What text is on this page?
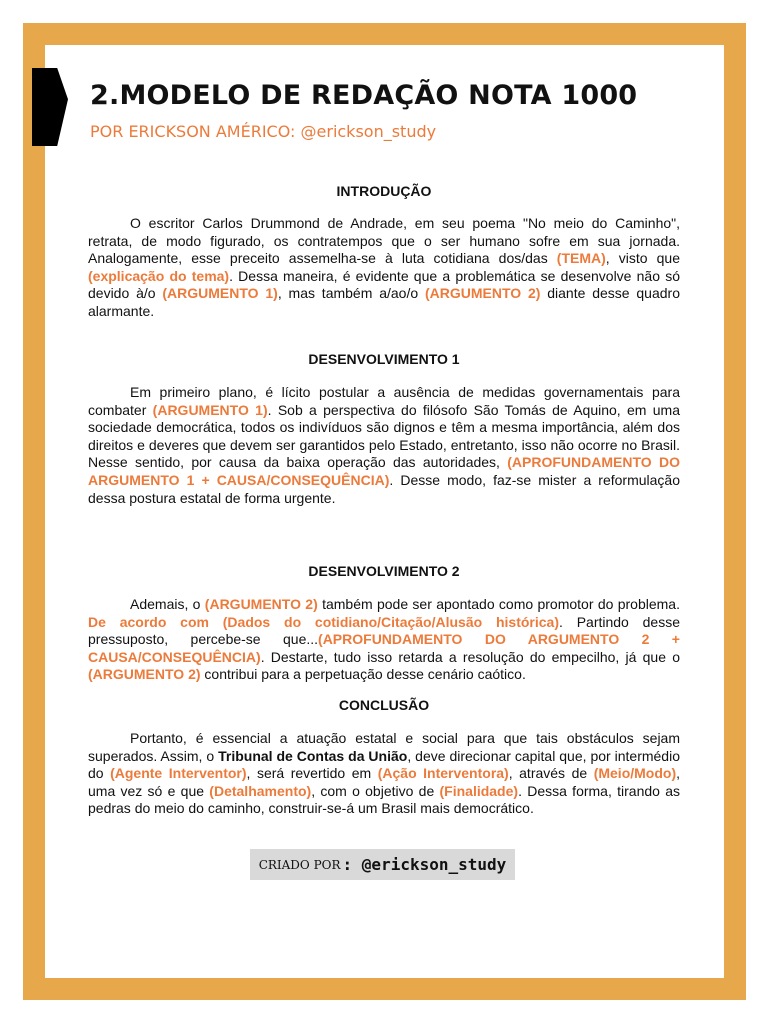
2.MODELO DE REDAÇÃO NOTA 1000
POR ERICKSON AMÉRICO: @erickson_study
INTRODUÇÃO

O escritor Carlos Drummond de Andrade, em seu poema "No meio do Caminho", retrata, de modo figurado, os contratempos que o ser humano sofre em sua jornada. Analogamente, esse preceito assemelha-se à luta cotidiana dos/das (TEMA), visto que (explicação do tema). Dessa maneira, é evidente que a problemática se desenvolve não só devido à/o (ARGUMENTO 1), mas também a/ao/o (ARGUMENTO 2) diante desse quadro alarmante.

DESENVOLVIMENTO 1

Em primeiro plano, é lícito postular a ausência de medidas governamentais para combater (ARGUMENTO 1). Sob a perspectiva do filósofo São Tomás de Aquino, em uma sociedade democrática, todos os indivíduos são dignos e têm a mesma importância, além dos direitos e deveres que devem ser garantidos pelo Estado, entretanto, isso não ocorre no Brasil. Nesse sentido, por causa da baixa operação das autoridades, (APROFUNDAMENTO DO ARGUMENTO 1 + CAUSA/CONSEQUÊNCIA). Desse modo, faz-se mister a reformulação dessa postura estatal de forma urgente.

DESENVOLVIMENTO 2

Ademais, o (ARGUMENTO 2) também pode ser apontado como promotor do problema. De acordo com (Dados do cotidiano/Citação/Alusão histórica). Partindo desse pressuposto, percebe-se que...(APROFUNDAMENTO DO ARGUMENTO 2 + CAUSA/CONSEQUÊNCIA). Destarte, tudo isso retarda a resolução do empecilho, já que o (ARGUMENTO 2) contribui para a perpetuação desse cenário caótico.

CONCLUSÃO

Portanto, é essencial a atuação estatal e social para que tais obstáculos sejam superados. Assim, o Tribunal de Contas da União, deve direcionar capital que, por intermédio do (Agente Interventor), será revertido em (Ação Interventora), através de (Meio/Modo), uma vez só e que (Detalhamento), com o objetivo de (Finalidade). Dessa forma, tirando as pedras do meio do caminho, construir-se-á um Brasil mais democrático.

CRIADO POR : @erickson_study
